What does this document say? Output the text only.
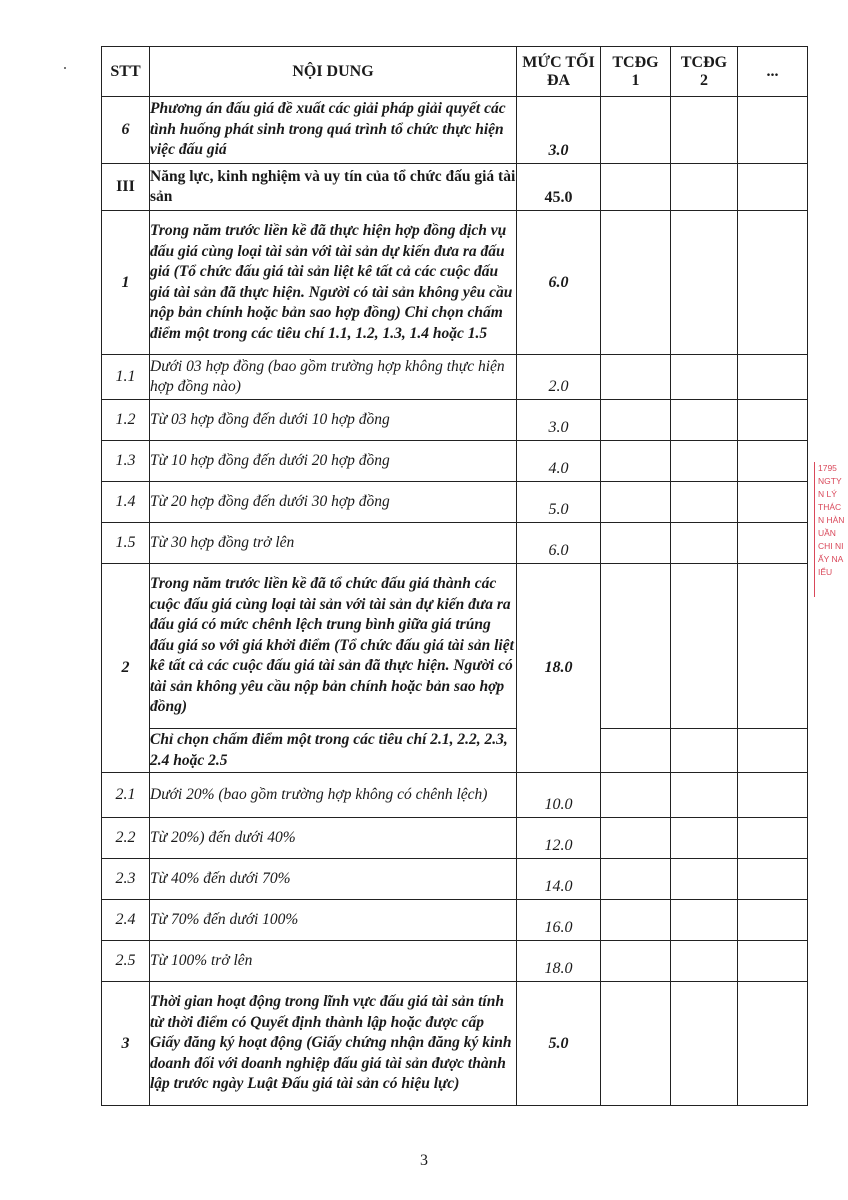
STT	NỘI DUNG	MỨC TỐI ĐA	TCĐG 1	TCĐG 2	...
6	Phương án đấu giá đề xuất các giải pháp giải quyết các tình huống phát sinh trong quá trình tổ chức thực hiện việc đấu giá	3.0			
III	Năng lực, kinh nghiệm và uy tín của tổ chức đấu giá tài sản	45.0			
1	Trong năm trước liền kề đã thực hiện hợp đồng dịch vụ đấu giá cùng loại tài sản với tài sản dự kiến đưa ra đấu giá (Tổ chức đấu giá tài sản liệt kê tất cả các cuộc đấu giá tài sản đã thực hiện. Người có tài sản không yêu cầu nộp bản chính hoặc bản sao hợp đồng) Chỉ chọn chấm điểm một trong các tiêu chí 1.1, 1.2, 1.3, 1.4 hoặc 1.5	6.0			
1.1	Dưới 03 hợp đồng (bao gồm trường hợp không thực hiện hợp đồng nào)	2.0			
1.2	Từ 03 hợp đồng đến dưới 10 hợp đồng	3.0			
1.3	Từ 10 hợp đồng đến dưới 20 hợp đồng	4.0			
1.4	Từ 20 hợp đồng đến dưới 30 hợp đồng	5.0			
1.5	Từ 30 hợp đồng trở lên	6.0			
2	Trong năm trước liền kề đã tổ chức đấu giá thành các cuộc đấu giá cùng loại tài sản với tài sản dự kiến đưa ra đấu giá có mức chênh lệch trung bình giữa giá trúng đấu giá so với giá khởi điểm (Tổ chức đấu giá tài sản liệt kê tất cả các cuộc đấu giá tài sản đã thực hiện. Người có tài sản không yêu cầu nộp bản chính hoặc bản sao hợp đồng)	18.0			
	Chỉ chọn chấm điểm một trong các tiêu chí 2.1, 2.2, 2.3, 2.4 hoặc 2.5				
2.1	Dưới 20% (bao gồm trường hợp không có chênh lệch)	10.0			
2.2	Từ 20%) đến dưới 40%	12.0			
2.3	Từ 40% đến dưới 70%	14.0			
2.4	Từ 70% đến dưới 100%	16.0			
2.5	Từ 100% trở lên	18.0			
3	Thời gian hoạt động trong lĩnh vực đấu giá tài sản tính từ thời điểm có Quyết định thành lập hoặc được cấp Giấy đăng ký hoạt động (Giấy chứng nhận đăng ký kinh doanh đối với doanh nghiệp đấu giá tài sản được thành lập trước ngày Luật Đấu giá tài sản có hiệu lực)	5.0			
3
1795
NGTY
N LÝ
THÁC
N HÀN
UẦN
CHI NI
ẤY NA
IỂU
